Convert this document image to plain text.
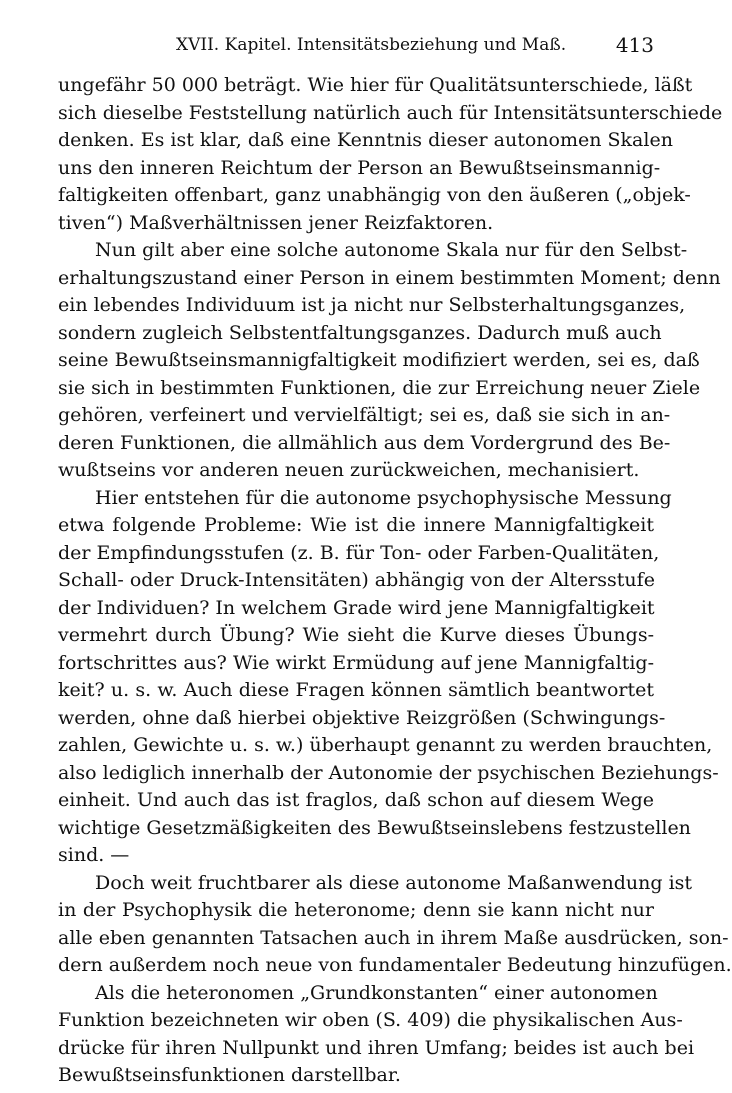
XVII. Kapitel. Intensitätsbeziehung und Maß. 413
ungefähr 50 000 beträgt. Wie hier für Qualitätsunterschiede, läßt
sich dieselbe Feststellung natürlich auch für Intensitätsunterschiede
denken. Es ist klar, daß eine Kenntnis dieser autonomen Skalen
uns den inneren Reichtum der Person an Bewußtseinsmannig-
faltigkeiten offenbart, ganz unabhängig von den äußeren („objek-
tiven“) Maßverhältnissen jener Reizfaktoren.
Nun gilt aber eine solche autonome Skala nur für den Selbst-
erhaltungszustand einer Person in einem bestimmten Moment; denn
ein lebendes Individuum ist ja nicht nur Selbsterhaltungsganzes,
sondern zugleich Selbstentfaltungsganzes. Dadurch muß auch
seine Bewußtseinsmannigfaltigkeit modifiziert werden, sei es, daß
sie sich in bestimmten Funktionen, die zur Erreichung neuer Ziele
gehören, verfeinert und vervielfältigt; sei es, daß sie sich in an-
deren Funktionen, die allmählich aus dem Vordergrund des Be-
wußtseins vor anderen neuen zurückweichen, mechanisiert.
Hier entstehen für die autonome psychophysische Messung
etwa folgende Probleme: Wie ist die innere Mannigfaltigkeit
der Empfindungsstufen (z. B. für Ton- oder Farben-Qualitäten,
Schall- oder Druck-Intensitäten) abhängig von der Altersstufe
der Individuen? In welchem Grade wird jene Mannigfaltigkeit
vermehrt durch Übung? Wie sieht die Kurve dieses Übungs-
fortschrittes aus? Wie wirkt Ermüdung auf jene Mannigfaltig-
keit? u. s. w. Auch diese Fragen können sämtlich beantwortet
werden, ohne daß hierbei objektive Reizgrößen (Schwingungs-
zahlen, Gewichte u. s. w.) überhaupt genannt zu werden brauchten,
also lediglich innerhalb der Autonomie der psychischen Beziehungs-
einheit. Und auch das ist fraglos, daß schon auf diesem Wege
wichtige Gesetzmäßigkeiten des Bewußtseinslebens festzustellen
sind. —
Doch weit fruchtbarer als diese autonome Maßanwendung ist
in der Psychophysik die heteronome; denn sie kann nicht nur
alle eben genannten Tatsachen auch in ihrem Maße ausdrücken, son-
dern außerdem noch neue von fundamentaler Bedeutung hinzufügen.
Als die heteronomen „Grundkonstanten“ einer autonomen
Funktion bezeichneten wir oben (S. 409) die physikalischen Aus-
drücke für ihren Nullpunkt und ihren Umfang; beides ist auch bei
Bewußtseinsfunktionen darstellbar.
